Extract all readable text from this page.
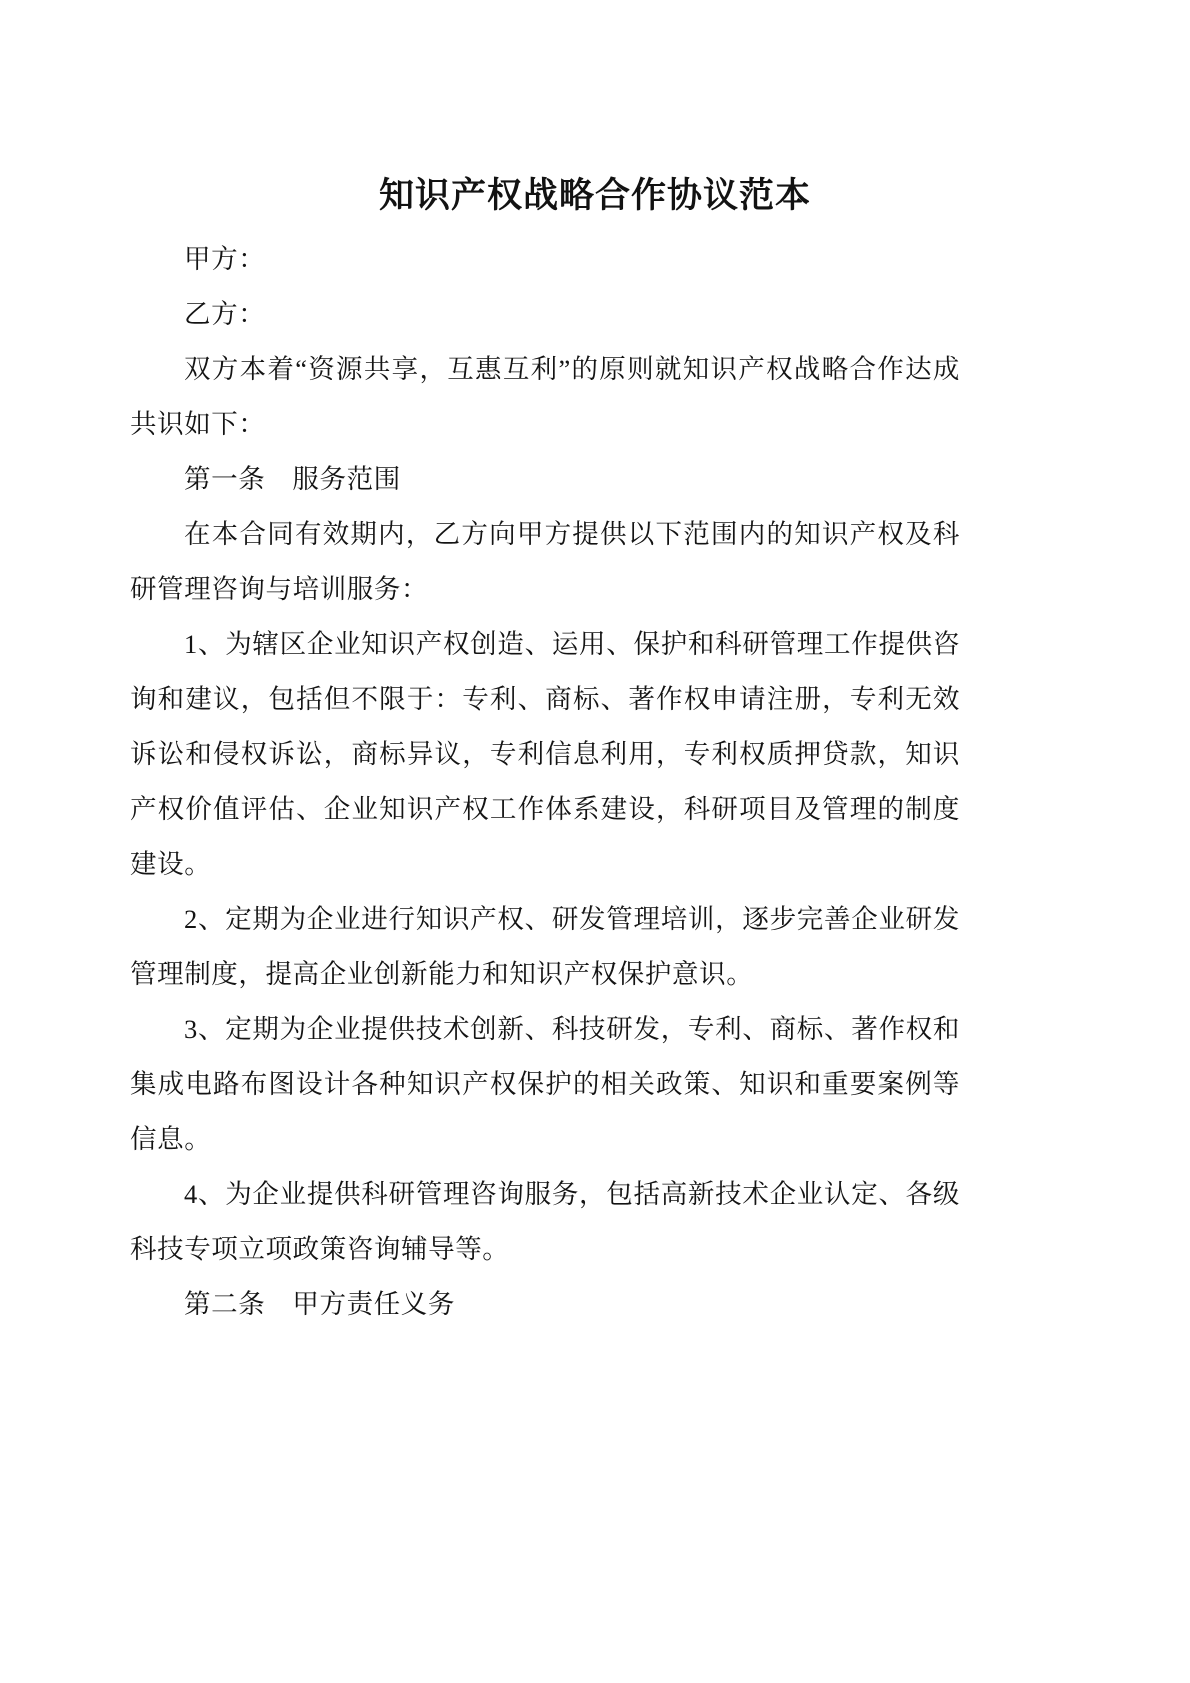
知识产权战略合作协议范本

甲方：

乙方：

双方本着“资源共享，互惠互利”的原则就知识产权战略合作达成共识如下：

第一条　服务范围

在本合同有效期内，乙方向甲方提供以下范围内的知识产权及科研管理咨询与培训服务：

1、为辖区企业知识产权创造、运用、保护和科研管理工作提供咨询和建议，包括但不限于：专利、商标、著作权申请注册，专利无效诉讼和侵权诉讼，商标异议，专利信息利用，专利权质押贷款，知识产权价值评估、企业知识产权工作体系建设，科研项目及管理的制度建设。

2、定期为企业进行知识产权、研发管理培训，逐步完善企业研发管理制度，提高企业创新能力和知识产权保护意识。

3、定期为企业提供技术创新、科技研发，专利、商标、著作权和集成电路布图设计各种知识产权保护的相关政策、知识和重要案例等信息。

4、为企业提供科研管理咨询服务，包括高新技术企业认定、各级科技专项立项政策咨询辅导等。

第二条　甲方责任义务
